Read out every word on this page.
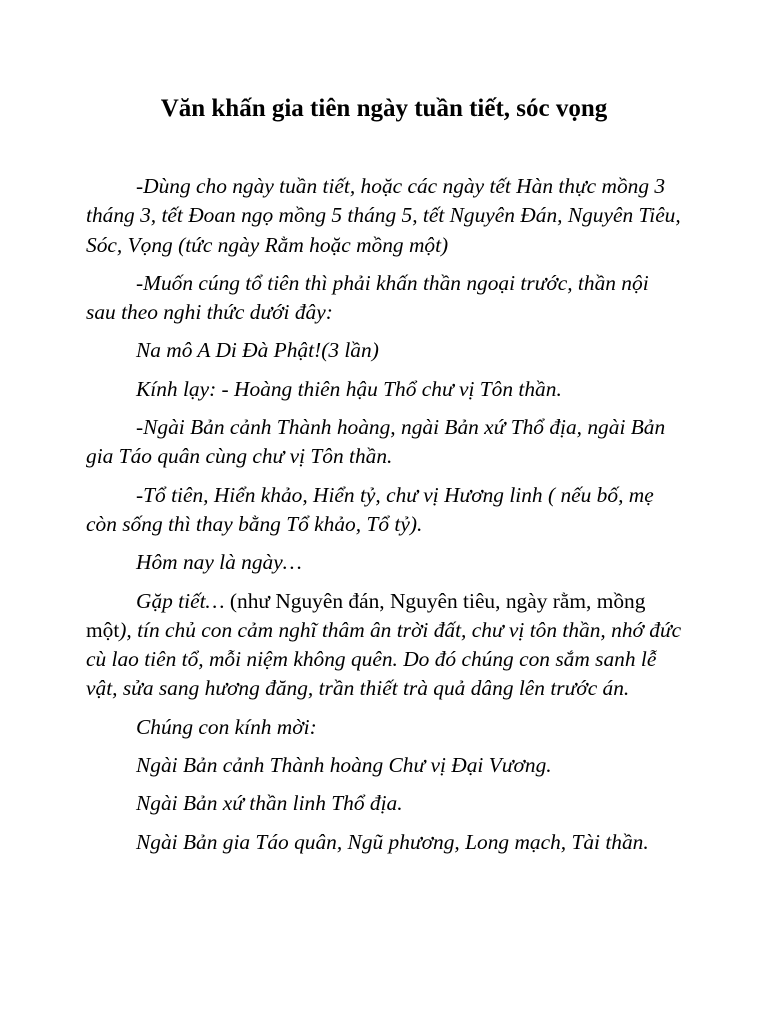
Văn khấn gia tiên ngày tuần tiết, sóc vọng

-Dùng cho ngày tuần tiết, hoặc các ngày tết Hàn thực mồng 3 tháng 3, tết Đoan ngọ mồng 5 tháng 5, tết Nguyên Đán, Nguyên Tiêu, Sóc, Vọng (tức ngày Rằm hoặc mồng một)

-Muốn cúng tổ tiên thì phải khấn thần ngoại trước, thần nội sau theo nghi thức dưới đây:

Na mô A Di Đà Phật!(3 lần)

Kính lạy: - Hoàng thiên hậu Thổ chư vị Tôn thần.

-Ngài Bản cảnh Thành hoàng, ngài Bản xứ Thổ địa, ngài Bản gia Táo quân cùng chư vị Tôn thần.

-Tổ tiên, Hiển khảo, Hiển tỷ, chư vị Hương linh ( nếu bố, mẹ còn sống thì thay bằng Tổ khảo, Tổ tỷ).

Hôm nay là ngày…

Gặp tiết… (như Nguyên đán, Nguyên tiêu, ngày rằm, mồng một), tín chủ con cảm nghĩ thâm ân trời đất, chư vị tôn thần, nhớ đức cù lao tiên tổ, mỗi niệm không quên. Do đó chúng con sắm sanh lễ vật, sửa sang hương đăng, trần thiết trà quả dâng lên trước án.

Chúng con kính mời:

Ngài Bản cảnh Thành hoàng Chư vị Đại Vương.

Ngài Bản xứ thần linh Thổ địa.

Ngài Bản gia Táo quân, Ngũ phương, Long mạch, Tài thần.
